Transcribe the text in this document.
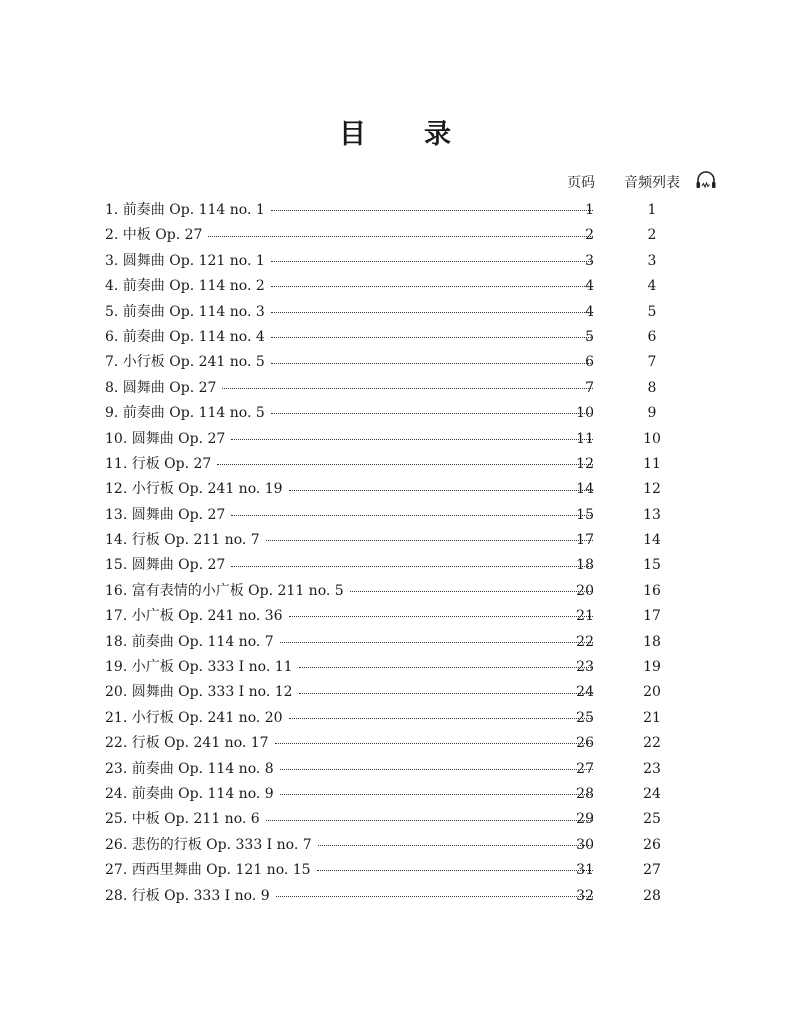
目 录
页码 音频列表
1. 前奏曲 Op. 114 no. 1	1	1
2. 中板 Op. 27	2	2
3. 圆舞曲 Op. 121 no. 1	3	3
4. 前奏曲 Op. 114 no. 2	4	4
5. 前奏曲 Op. 114 no. 3	4	5
6. 前奏曲 Op. 114 no. 4	5	6
7. 小行板 Op. 241 no. 5	6	7
8. 圆舞曲 Op. 27	7	8
9. 前奏曲 Op. 114 no. 5	10	9
10. 圆舞曲 Op. 27	11	10
11. 行板 Op. 27	12	11
12. 小行板 Op. 241 no. 19	14	12
13. 圆舞曲 Op. 27	15	13
14. 行板 Op. 211 no. 7	17	14
15. 圆舞曲 Op. 27	18	15
16. 富有表情的小广板 Op. 211 no. 5	20	16
17. 小广板 Op. 241 no. 36	21	17
18. 前奏曲 Op. 114 no. 7	22	18
19. 小广板 Op. 333 Ⅰ no. 11	23	19
20. 圆舞曲 Op. 333 Ⅰ no. 12	24	20
21. 小行板 Op. 241 no. 20	25	21
22. 行板 Op. 241 no. 17	26	22
23. 前奏曲 Op. 114 no. 8	27	23
24. 前奏曲 Op. 114 no. 9	28	24
25. 中板 Op. 211 no. 6	29	25
26. 悲伤的行板 Op. 333 Ⅰ no. 7	30	26
27. 西西里舞曲 Op. 121 no. 15	31	27
28. 行板 Op. 333 Ⅰ no. 9	32	28
